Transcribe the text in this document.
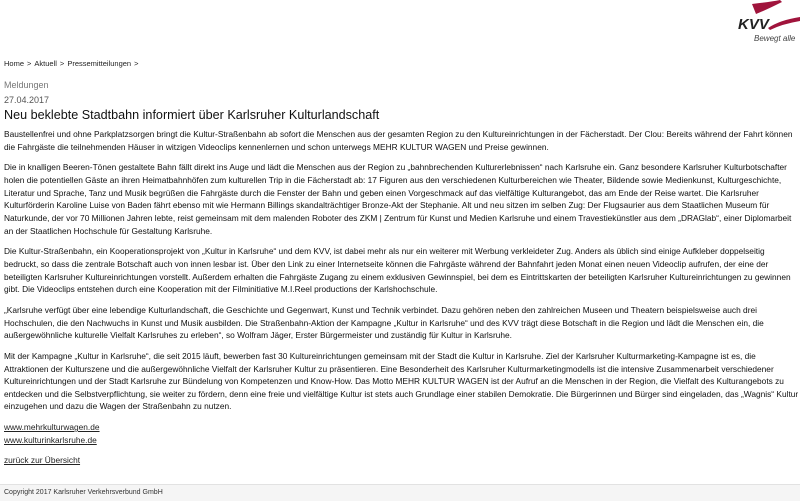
KVV
Bewegt alle
Home > Aktuell > Pressemitteilungen >
Meldungen
27.04.2017
Neu beklebte Stadtbahn informiert über Karlsruher Kulturlandschaft

Baustellenfrei und ohne Parkplatzsorgen bringt die Kultur-Straßenbahn ab sofort die Menschen aus der gesamten Region zu den Kultureinrichtungen in der Fächerstadt. Der Clou: Bereits während der Fahrt können
die Fahrgäste die teilnehmenden Häuser in witzigen Videoclips kennenlernen und schon unterwegs MEHR KULTUR WAGEN und Preise gewinnen.

Die in knalligen Beeren-Tönen gestaltete Bahn fällt direkt ins Auge und lädt die Menschen aus der Region zu „bahnbrechenden Kulturerlebnissen“ nach Karlsruhe ein. Ganz besondere Karlsruher Kulturbotschafter
holen die potentiellen Gäste an ihren Heimatbahnhöfen zum kulturellen Trip in die Fächerstadt ab: 17 Figuren aus den verschiedenen Kulturbereichen wie Theater, Bildende sowie Medienkunst, Kulturgeschichte,
Literatur und Sprache, Tanz und Musik begrüßen die Fahrgäste durch die Fenster der Bahn und geben einen Vorgeschmack auf das vielfältige Kulturangebot, das am Ende der Reise wartet. Die Karlsruher
Kulturförderin Karoline Luise von Baden fährt ebenso mit wie Hermann Billings skandalträchtiger Bronze-Akt der Stephanie. Alt und neu sitzen im selben Zug: Der Flugsaurier aus dem Staatlichen Museum für
Naturkunde, der vor 70 Millionen Jahren lebte, reist gemeinsam mit dem malenden Roboter des ZKM | Zentrum für Kunst und Medien Karlsruhe und einem Travestiekünstler aus dem „DRAGlab“, einer Diplomarbeit
an der Staatlichen Hochschule für Gestaltung Karlsruhe.

Die Kultur-Straßenbahn, ein Kooperationsprojekt von „Kultur in Karlsruhe“ und dem KVV, ist dabei mehr als nur ein weiterer mit Werbung verkleideter Zug. Anders als üblich sind einige Aufkleber doppelseitig
bedruckt, so dass die zentrale Botschaft auch von innen lesbar ist. Über den Link zu einer Internetseite können die Fahrgäste während der Bahnfahrt jeden Monat einen neuen Videoclip aufrufen, der eine der
beteiligten Karlsruher Kultureinrichtungen vorstellt. Außerdem erhalten die Fahrgäste Zugang zu einem exklusiven Gewinnspiel, bei dem es Eintrittskarten der beteiligten Karlsruher Kultureinrichtungen zu gewinnen
gibt. Die Videoclips entstehen durch eine Kooperation mit der Filminitiative M.I.Reel productions der Karlshochschule.

„Karlsruhe verfügt über eine lebendige Kulturlandschaft, die Geschichte und Gegenwart, Kunst und Technik verbindet. Dazu gehören neben den zahlreichen Museen und Theatern beispielsweise auch drei
Hochschulen, die den Nachwuchs in Kunst und Musik ausbilden. Die Straßenbahn-Aktion der Kampagne „Kultur in Karlsruhe“ und des KVV trägt diese Botschaft in die Region und lädt die Menschen ein, die
außergewöhnliche kulturelle Vielfalt Karlsruhes zu erleben“, so Wolfram Jäger, Erster Bürgermeister und zuständig für Kultur in Karlsruhe.

Mit der Kampagne „Kultur in Karlsruhe“, die seit 2015 läuft, bewerben fast 30 Kultureinrichtungen gemeinsam mit der Stadt die Kultur in Karlsruhe. Ziel der Karlsruher Kulturmarketing-Kampagne ist es, die
Attraktionen der Kulturszene und die außergewöhnliche Vielfalt der Karlsruher Kultur zu präsentieren. Eine Besonderheit des Karlsruher Kulturmarketingmodells ist die intensive Zusammenarbeit verschiedener
Kultureinrichtungen und der Stadt Karlsruhe zur Bündelung von Kompetenzen und Know-How. Das Motto MEHR KULTUR WAGEN ist der Aufruf an die Menschen in der Region, die Vielfalt des Kulturangebots zu
entdecken und die Selbstverpflichtung, sie weiter zu fördern, denn eine freie und vielfältige Kultur ist stets auch Grundlage einer stabilen Demokratie. Die Bürgerinnen und Bürger sind eingeladen, das „Wagnis“ Kultur
einzugehen und dazu die Wagen der Straßenbahn zu nutzen.

www.mehrkulturwagen.de
www.kulturinkarlsruhe.de

zurück zur Übersicht

Copyright 2017 Karlsruher Verkehrsverbund GmbH
